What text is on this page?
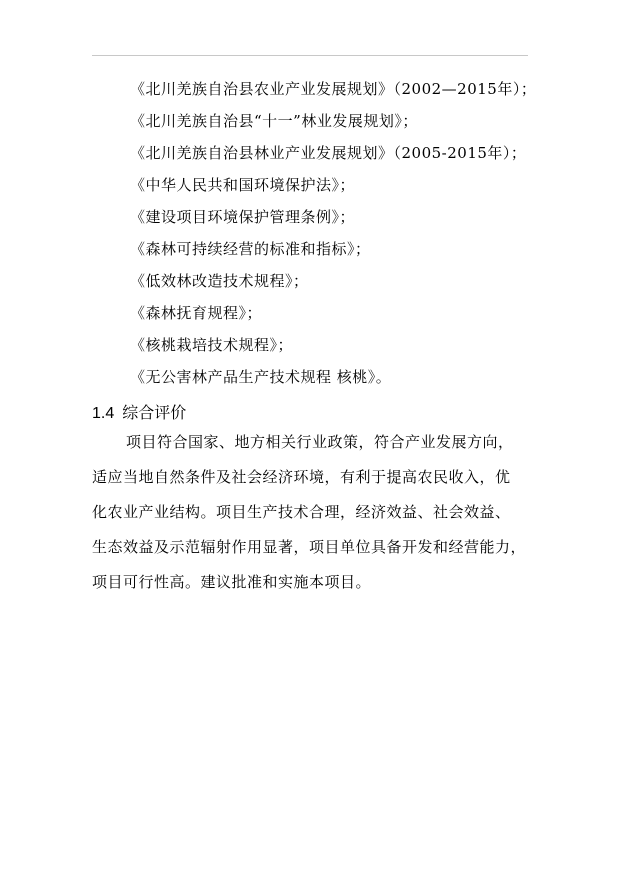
《北川羌族自治县农业产业发展规划》（2002—2015年）；
《北川羌族自治县“十一”林业发展规划》；
《北川羌族自治县林业产业发展规划》（2005-2015年）；
《中华人民共和国环境保护法》；
《建设项目环境保护管理条例》；
《森林可持续经营的标准和指标》；
《低效林改造技术规程》；
《森林抚育规程》；
《核桃栽培技术规程》；
《无公害林产品生产技术规程 核桃》。
1.4 综合评价
项目符合国家、地方相关行业政策，符合产业发展方向，
适应当地自然条件及社会经济环境，有利于提高农民收入，优
化农业产业结构。项目生产技术合理，经济效益、社会效益、
生态效益及示范辐射作用显著，项目单位具备开发和经营能力，
项目可行性高。建议批准和实施本项目。
